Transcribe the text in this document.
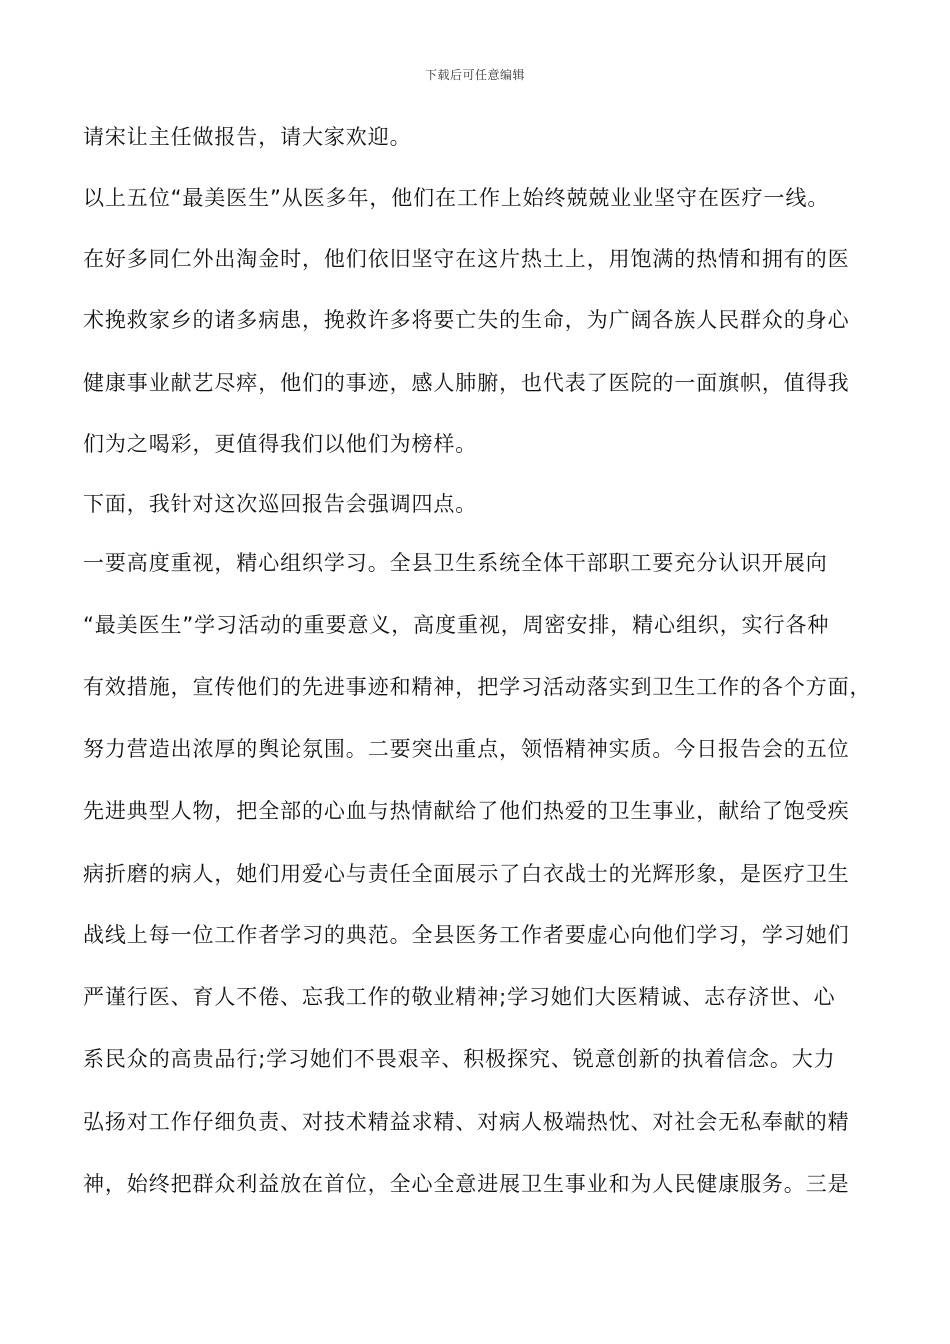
下载后可任意编辑
请宋让主任做报告，请大家欢迎。
以上五位“最美医生”从医多年，他们在工作上始终兢兢业业坚守在医疗一线。
在好多同仁外出淘金时，他们依旧坚守在这片热土上，用饱满的热情和拥有的医
术挽救家乡的诸多病患，挽救许多将要亡失的生命，为广阔各族人民群众的身心
健康事业献艺尽瘁，他们的事迹，感人肺腑，也代表了医院的一面旗帜，值得我
们为之喝彩，更值得我们以他们为榜样。
下面，我针对这次巡回报告会强调四点。
一要高度重视，精心组织学习。全县卫生系统全体干部职工要充分认识开展向
“最美医生”学习活动的重要意义，高度重视，周密安排，精心组织，实行各种
有效措施，宣传他们的先进事迹和精神，把学习活动落实到卫生工作的各个方面，
努力营造出浓厚的舆论氛围。二要突出重点，领悟精神实质。今日报告会的五位
先进典型人物，把全部的心血与热情献给了他们热爱的卫生事业，献给了饱受疾
病折磨的病人，她们用爱心与责任全面展示了白衣战士的光辉形象，是医疗卫生
战线上每一位工作者学习的典范。全县医务工作者要虚心向他们学习，学习她们
严谨行医、育人不倦、忘我工作的敬业精神;学习她们大医精诚、志存济世、心
系民众的高贵品行;学习她们不畏艰辛、积极探究、锐意创新的执着信念。大力
弘扬对工作仔细负责、对技术精益求精、对病人极端热忱、对社会无私奉献的精
神，始终把群众利益放在首位，全心全意进展卫生事业和为人民健康服务。三是
